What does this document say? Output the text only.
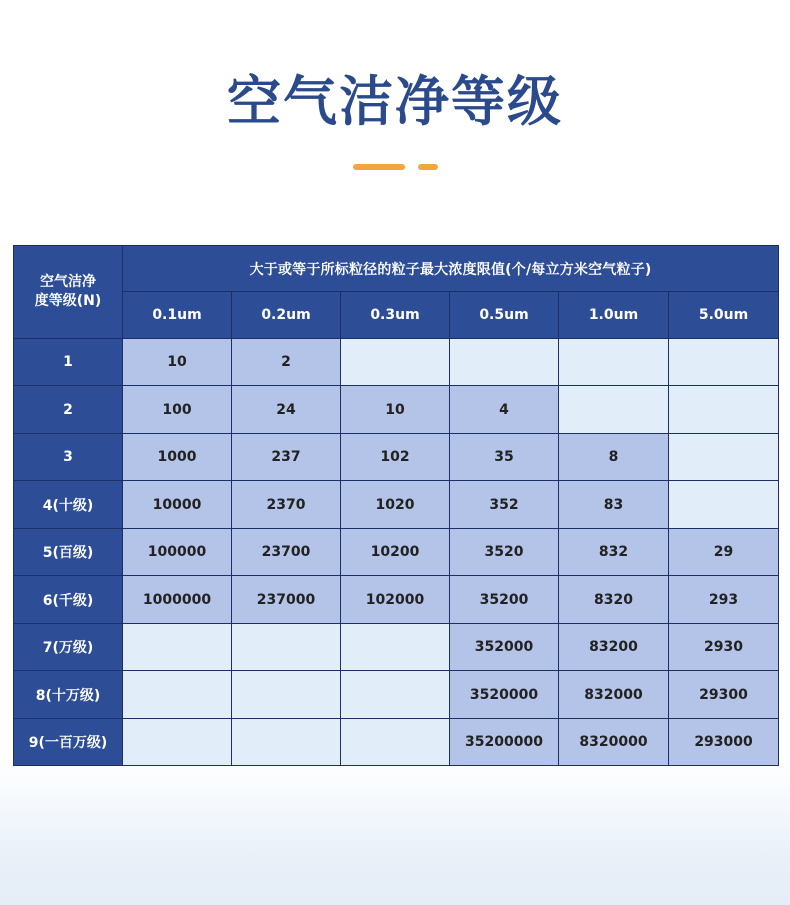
空气洁净等级
空气洁净
度等级(N)	大于或等于所标粒径的粒子最大浓度限值(个/每立方米空气粒子)					
	0.1um	0.2um	0.3um	0.5um	1.0um	5.0um
1	10	2				
2	100	24	10	4		
3	1000	237	102	35	8	
4(十级)	10000	2370	1020	352	83	
5(百级)	100000	23700	10200	3520	832	29
6(千级)	1000000	237000	102000	35200	8320	293
7(万级)				352000	83200	2930
8(十万级)				3520000	832000	29300
9(一百万级)				35200000	8320000	293000
